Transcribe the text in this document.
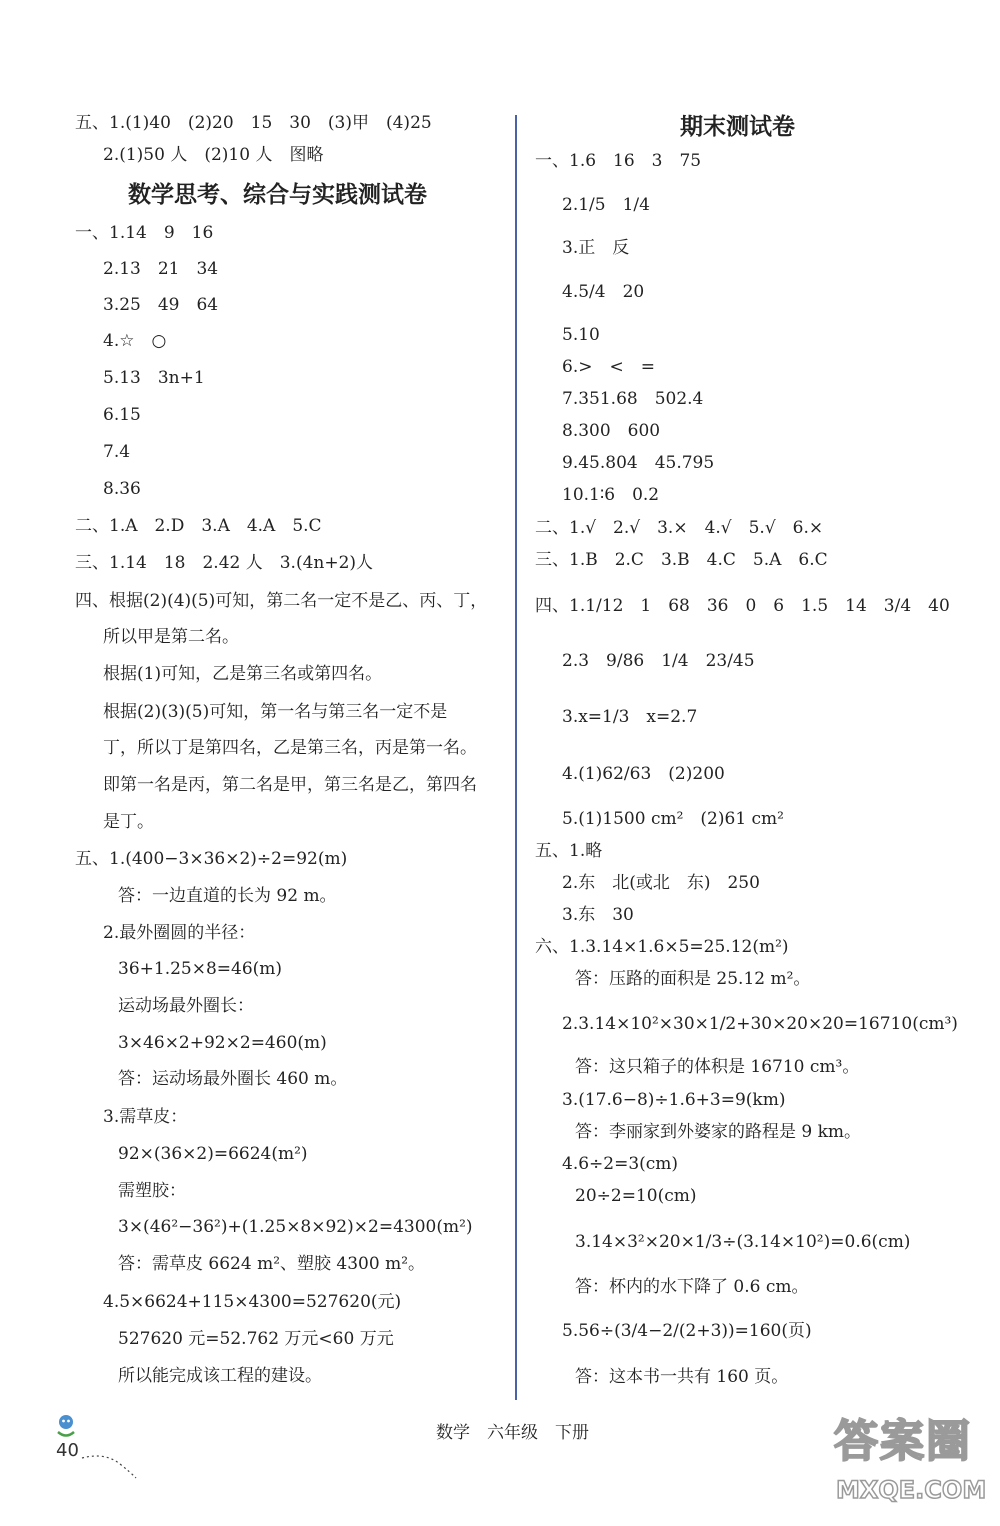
五、1.(1)40　(2)20　15　30　(3)甲　(4)25
2.(1)50 人　(2)10 人　图略
数学思考、综合与实践测试卷
一、1.14　9　16
2.13　21　34
3.25　49　64
4.☆　○
5.13　3n+1
6.15
7.4
8.36
二、1.A　2.D　3.A　4.A　5.C
三、1.14　18　2.42 人　3.(4n+2)人
四、根据(2)(4)(5)可知，第二名一定不是乙、丙、丁，
所以甲是第二名。
根据(1)可知，乙是第三名或第四名。
根据(2)(3)(5)可知，第一名与第三名一定不是
丁，所以丁是第四名，乙是第三名，丙是第一名。
即第一名是丙，第二名是甲，第三名是乙，第四名
是丁。
五、1.(400−3×36×2)÷2=92(m)
答：一边直道的长为 92 m。
2.最外圈圆的半径：
36+1.25×8=46(m)
运动场最外圈长：
3×46×2+92×2=460(m)
答：运动场最外圈长 460 m。
3.需草皮：
92×(36×2)=6624(m²)
需塑胶：
3×(46²−36²)+(1.25×8×92)×2=4300(m²)
答：需草皮 6624 m²、塑胶 4300 m²。
4.5×6624+115×4300=527620(元)
527620 元=52.762 万元<60 万元
所以能完成该工程的建设。
期末测试卷
一、1.6　16　3　75
2.1/5　1/4
3.正　反
4.5/4　20
5.10
6.>　<　=
7.351.68　502.4
8.300　600
9.45.804　45.795
10.1∶6　0.2
二、1.√　2.√　3.×　4.√　5.√　6.×
三、1.B　2.C　3.B　4.C　5.A　6.C
四、1.1/12　1　68　36　0　6　1.5　14　3/4　40
2.3　9/86　1/4　23/45
3.x=1/3　x=2.7
4.(1)62/63　(2)200
5.(1)1500 cm²　(2)61 cm²
五、1.略
2.东　北(或北　东)　250
3.东　30
六、1.3.14×1.6×5=25.12(m²)
答：压路的面积是 25.12 m²。
2.3.14×10²×30×1/2+30×20×20=16710(cm³)
答：这只箱子的体积是 16710 cm³。
3.(17.6−8)÷1.6+3=9(km)
答：李丽家到外婆家的路程是 9 km。
4.6÷2=3(cm)
20÷2=10(cm)
3.14×3²×20×1/3÷(3.14×10²)=0.6(cm)
答：杯内的水下降了 0.6 cm。
5.56÷(3/4−2/(2+3))=160(页)
答：这本书一共有 160 页。
40
数学　六年级　下册	答案圈
MXQE.COM
